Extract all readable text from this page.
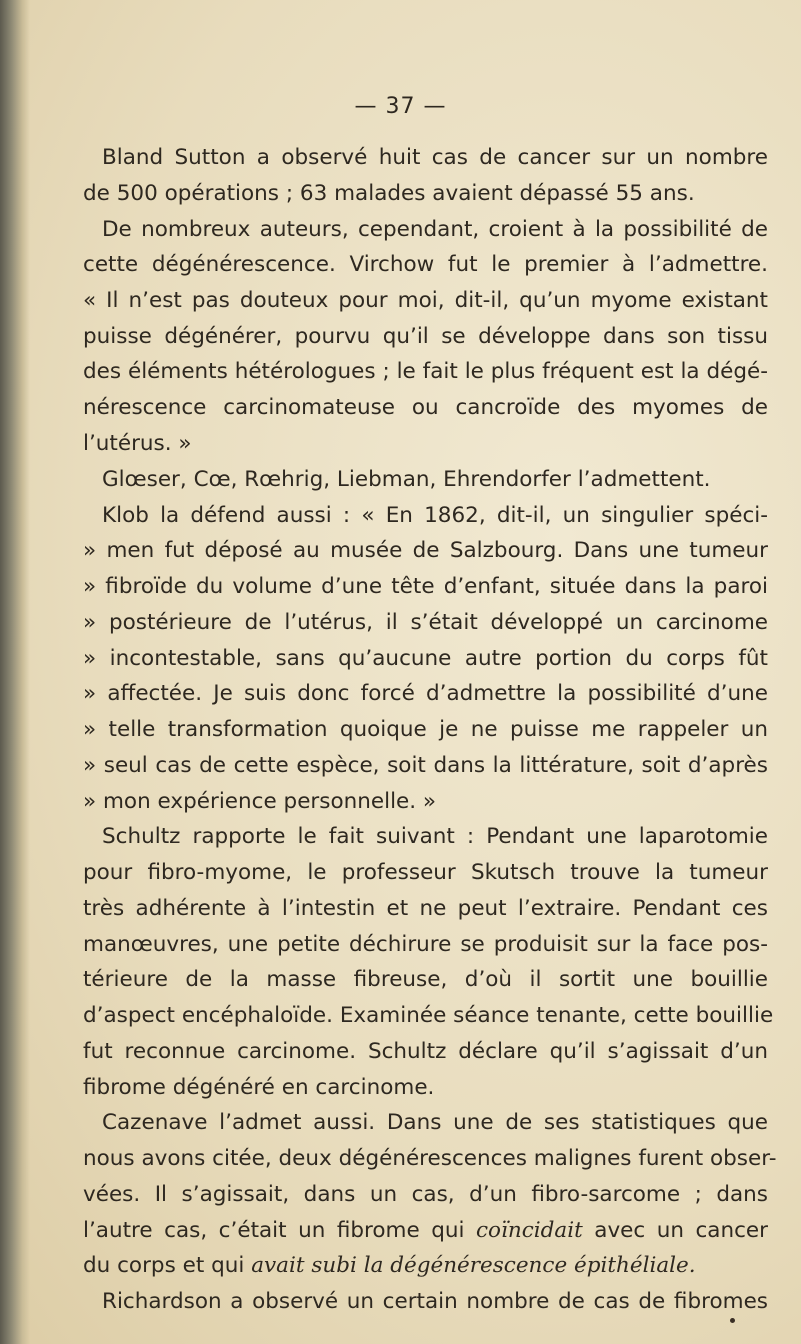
— 37 —
Bland Sutton a observé huit cas de cancer sur un nombre
de 500 opérations ; 63 malades avaient dépassé 55 ans.
De nombreux auteurs, cependant, croient à la possibilité de
cette dégénérescence. Virchow fut le premier à l’admettre.
« Il n’est pas douteux pour moi, dit-il, qu’un myome existant
puisse dégénérer, pourvu qu’il se développe dans son tissu
des éléments hétérologues ; le fait le plus fréquent est la dégé-
nérescence carcinomateuse ou cancroïde des myomes de
l’utérus. »
Glœser, Cœ, Rœhrig, Liebman, Ehrendorfer l’admettent.
Klob la défend aussi : « En 1862, dit-il, un singulier spéci-
» men fut déposé au musée de Salzbourg. Dans une tumeur
» fibroïde du volume d’une tête d’enfant, située dans la paroi
» postérieure de l’utérus, il s’était développé un carcinome
» incontestable, sans qu’aucune autre portion du corps fût
» affectée. Je suis donc forcé d’admettre la possibilité d’une
» telle transformation quoique je ne puisse me rappeler un
» seul cas de cette espèce, soit dans la littérature, soit d’après
» mon expérience personnelle. »
Schultz rapporte le fait suivant : Pendant une laparotomie
pour fibro-myome, le professeur Skutsch trouve la tumeur
très adhérente à l’intestin et ne peut l’extraire. Pendant ces
manœuvres, une petite déchirure se produisit sur la face pos-
térieure de la masse fibreuse, d’où il sortit une bouillie
d’aspect encéphaloïde. Examinée séance tenante, cette bouillie
fut reconnue carcinome. Schultz déclare qu’il s’agissait d’un
fibrome dégénéré en carcinome.
Cazenave l’admet aussi. Dans une de ses statistiques que
nous avons citée, deux dégénérescences malignes furent obser-
vées. Il s’agissait, dans un cas, d’un fibro-sarcome ; dans
l’autre cas, c’était un fibrome qui coïncidait avec un cancer
du corps et qui avait subi la dégénérescence épithéliale.
Richardson a observé un certain nombre de cas de fibromes
